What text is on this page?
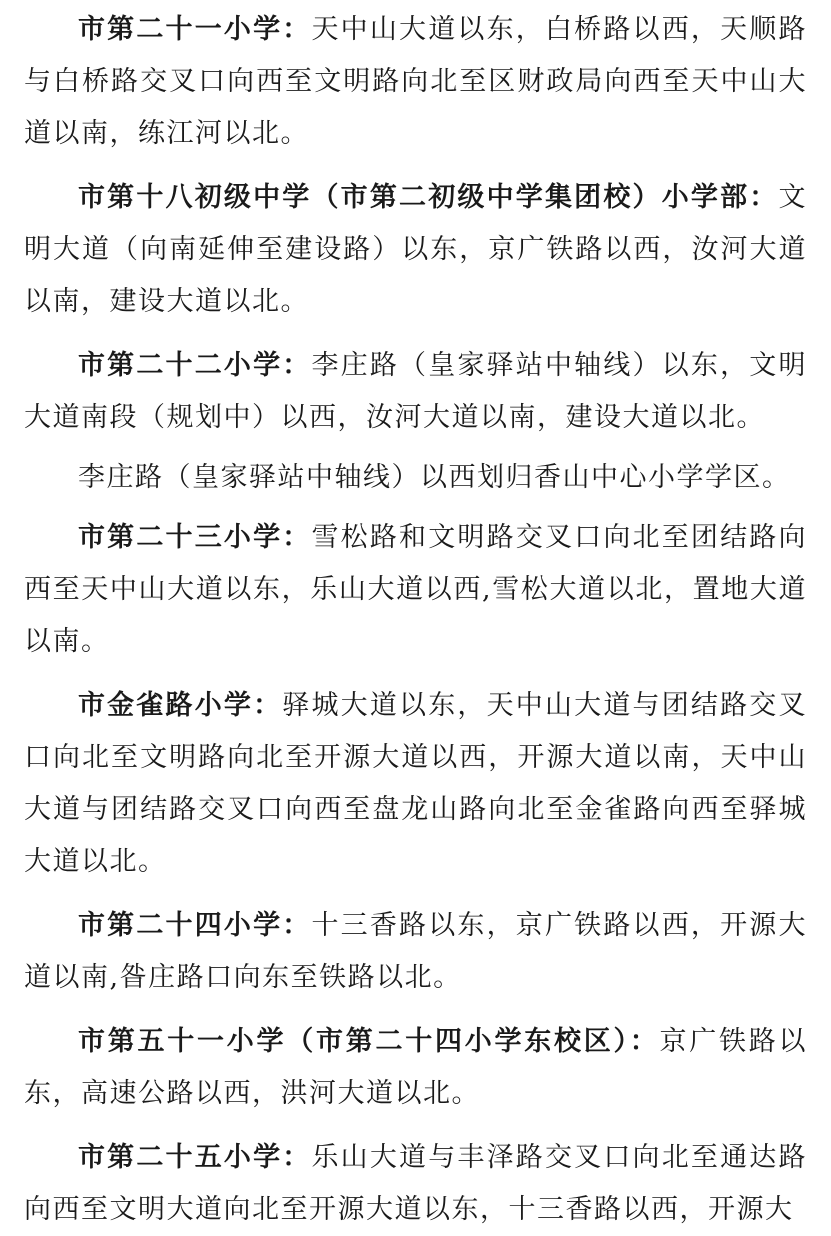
市第二十一小学：天中山大道以东，白桥路以西，天顺路与白桥路交叉口向西至文明路向北至区财政局向西至天中山大道以南，练江河以北。

市第十八初级中学（市第二初级中学集团校）小学部：文明大道（向南延伸至建设路）以东，京广铁路以西，汝河大道以南，建设大道以北。

市第二十二小学：李庄路（皇家驿站中轴线）以东，文明大道南段（规划中）以西，汝河大道以南，建设大道以北。

李庄路（皇家驿站中轴线）以西划归香山中心小学学区。

市第二十三小学：雪松路和文明路交叉口向北至团结路向西至天中山大道以东，乐山大道以西,雪松大道以北，置地大道以南。

市金雀路小学：驿城大道以东，天中山大道与团结路交叉口向北至文明路向北至开源大道以西，开源大道以南，天中山大道与团结路交叉口向西至盘龙山路向北至金雀路向西至驿城大道以北。

市第二十四小学：十三香路以东，京广铁路以西，开源大道以南,昝庄路口向东至铁路以北。

市第五十一小学（市第二十四小学东校区）：京广铁路以东，高速公路以西，洪河大道以北。

市第二十五小学：乐山大道与丰泽路交叉口向北至通达路向西至文明大道向北至开源大道以东，十三香路以西，开源大
